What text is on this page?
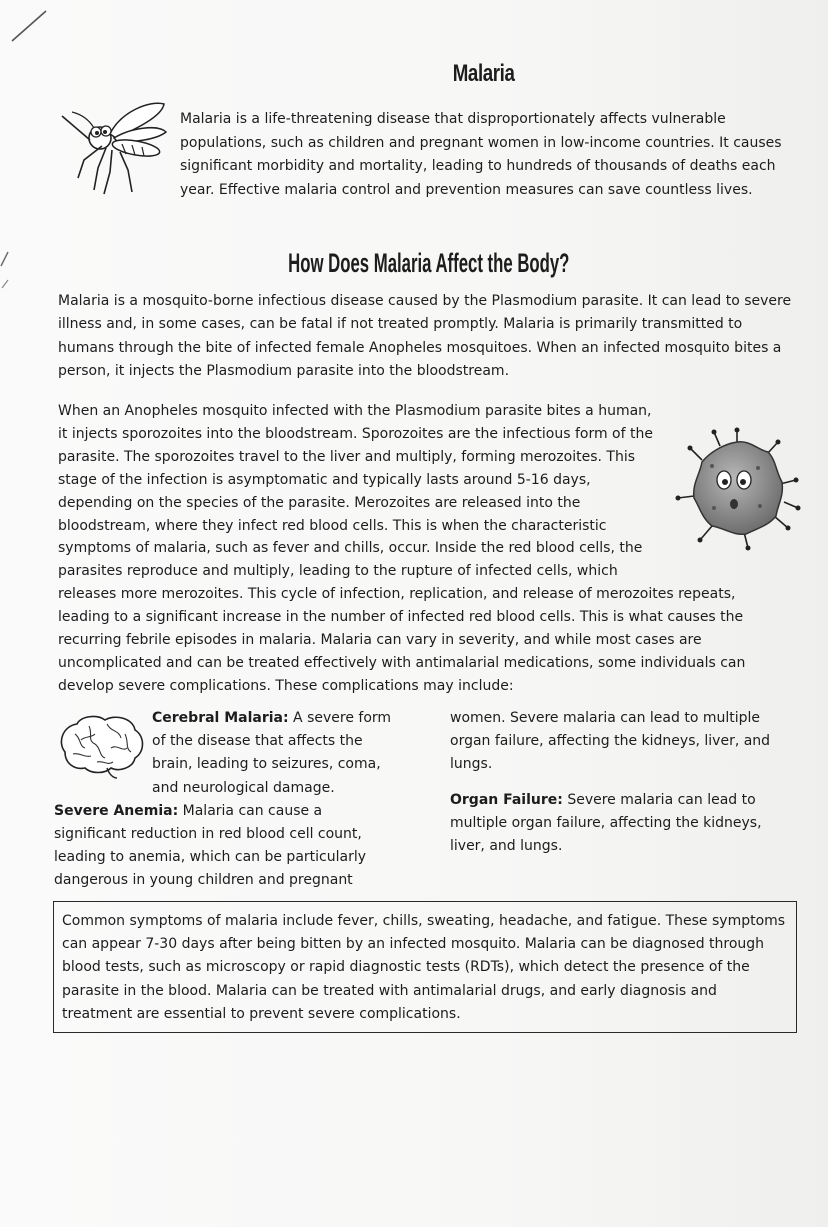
Malaria

Malaria is a life-threatening disease that disproportionately affects vulnerable populations, such as children and pregnant women in low-income countries. It causes significant morbidity and mortality, leading to hundreds of thousands of deaths each year. Effective malaria control and prevention measures can save countless lives.

How Does Malaria Affect the Body?

Malaria is a mosquito-borne infectious disease caused by the Plasmodium parasite. It can lead to severe illness and, in some cases, can be fatal if not treated promptly. Malaria is primarily transmitted to humans through the bite of infected female Anopheles mosquitoes. When an infected mosquito bites a person, it injects the Plasmodium parasite into the bloodstream.

When an Anopheles mosquito infected with the Plasmodium parasite bites a human, it injects sporozoites into the bloodstream. Sporozoites are the infectious form of the parasite. The sporozoites travel to the liver and multiply, forming merozoites. This stage of the infection is asymptomatic and typically lasts around 5-16 days, depending on the species of the parasite. Merozoites are released into the bloodstream, where they infect red blood cells. This is when the characteristic symptoms of malaria, such as fever and chills, occur. Inside the red blood cells, the parasites reproduce and multiply, leading to the rupture of infected cells, which releases more merozoites. This cycle of infection, replication, and release of merozoites repeats, leading to a significant increase in the number of infected red blood cells. This is what causes the recurring febrile episodes in malaria. Malaria can vary in severity, and while most cases are uncomplicated and can be treated effectively with antimalarial medications, some individuals can develop severe complications. These complications may include:

Cerebral Malaria: A severe form of the disease that affects the brain, leading to seizures, coma, and neurological damage.
Severe Anemia: Malaria can cause a significant reduction in red blood cell count, leading to anemia, which can be particularly dangerous in young children and pregnant

women. Severe malaria can lead to multiple organ failure, affecting the kidneys, liver, and lungs.
Organ Failure: Severe malaria can lead to multiple organ failure, affecting the kidneys, liver, and lungs.

Common symptoms of malaria include fever, chills, sweating, headache, and fatigue. These symptoms can appear 7-30 days after being bitten by an infected mosquito. Malaria can be diagnosed through blood tests, such as microscopy or rapid diagnostic tests (RDTs), which detect the presence of the parasite in the blood. Malaria can be treated with antimalarial drugs, and early diagnosis and treatment are essential to prevent severe complications.
